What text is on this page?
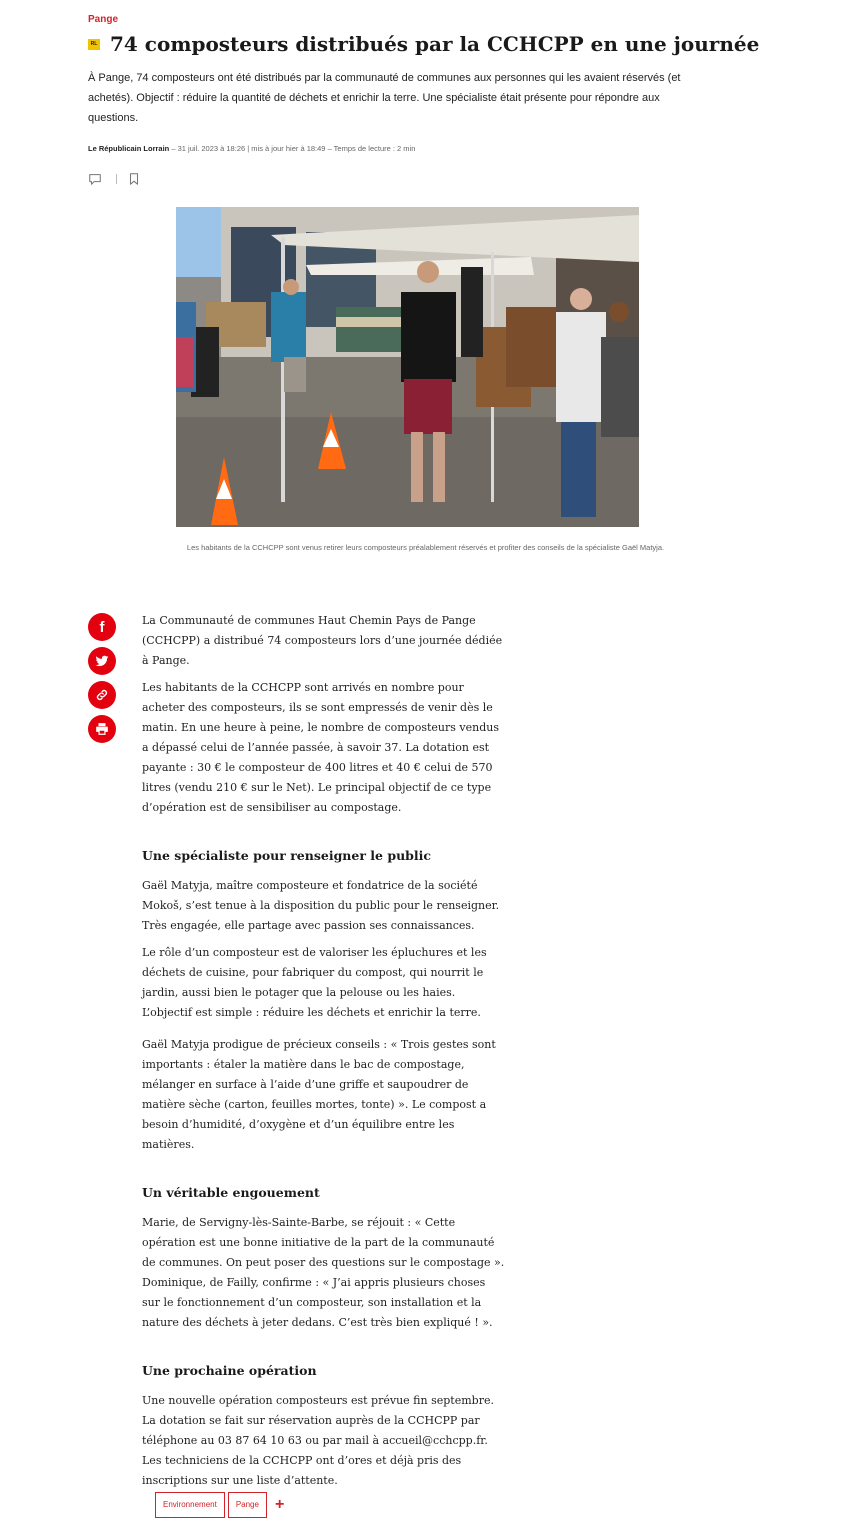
Pange
RL 74 composteurs distribués par la CCHCPP en une journée

À Pange, 74 composteurs ont été distribués par la communauté de communes aux personnes qui les avaient réservés (et achetés). Objectif : réduire la quantité de déchets et enrichir la terre. Une spécialiste était présente pour répondre aux questions.

Le Républicain Lorrain – 31 juil. 2023 à 18:26 | mis à jour hier à 18:49 – Temps de lecture : 2 min
Les habitants de la CCHCPP sont venus retirer leurs composteurs préalablement réservés et profiter des conseils de la spécialiste Gaël Matyja.
f	La Communauté de communes Haut Chemin Pays de Pange (CCHCPP) a distribué 74 composteurs lors d’une journée dédiée à Pange.

Les habitants de la CCHCPP sont arrivés en nombre pour acheter des composteurs, ils se sont empressés de venir dès le matin. En une heure à peine, le nombre de composteurs vendus a dépassé celui de l’année passée, à savoir 37. La dotation est payante : 30 € le composteur de 400 litres et 40 € celui de 570 litres (vendu 210 € sur le Net). Le principal objectif de ce type d’opération est de sensibiliser au compostage.

Une spécialiste pour renseigner le public

Gaël Matyja, maître composteure et fondatrice de la société Mokoš, s’est tenue à la disposition du public pour le renseigner. Très engagée, elle partage avec passion ses connaissances.

Le rôle d’un composteur est de valoriser les épluchures et les déchets de cuisine, pour fabriquer du compost, qui nourrit le jardin, aussi bien le potager que la pelouse ou les haies. L’objectif est simple : réduire les déchets et enrichir la terre.

Gaël Matyja prodigue de précieux conseils : « Trois gestes sont importants : étaler la matière dans le bac de compostage, mélanger en surface à l’aide d’une griffe et saupoudrer de matière sèche (carton, feuilles mortes, tonte) ». Le compost a besoin d’humidité, d’oxygène et d’un équilibre entre les matières.

Un véritable engouement

Marie, de Servigny-lès-Sainte-Barbe, se réjouit : « Cette opération est une bonne initiative de la part de la communauté de communes. On peut poser des questions sur le compostage ». Dominique, de Failly, confirme : « J’ai appris plusieurs choses sur le fonctionnement d’un composteur, son installation et la nature des déchets à jeter dedans. C’est très bien expliqué ! ».

Une prochaine opération

Une nouvelle opération composteurs est prévue fin septembre. La dotation se fait sur réservation auprès de la CCHCPP par téléphone au 03 87 64 10 63 ou par mail à accueil@cchcpp.fr. Les techniciens de la CCHCPP ont d’ores et déjà pris des inscriptions sur une liste d’attente.

Environnement	Pange	+
